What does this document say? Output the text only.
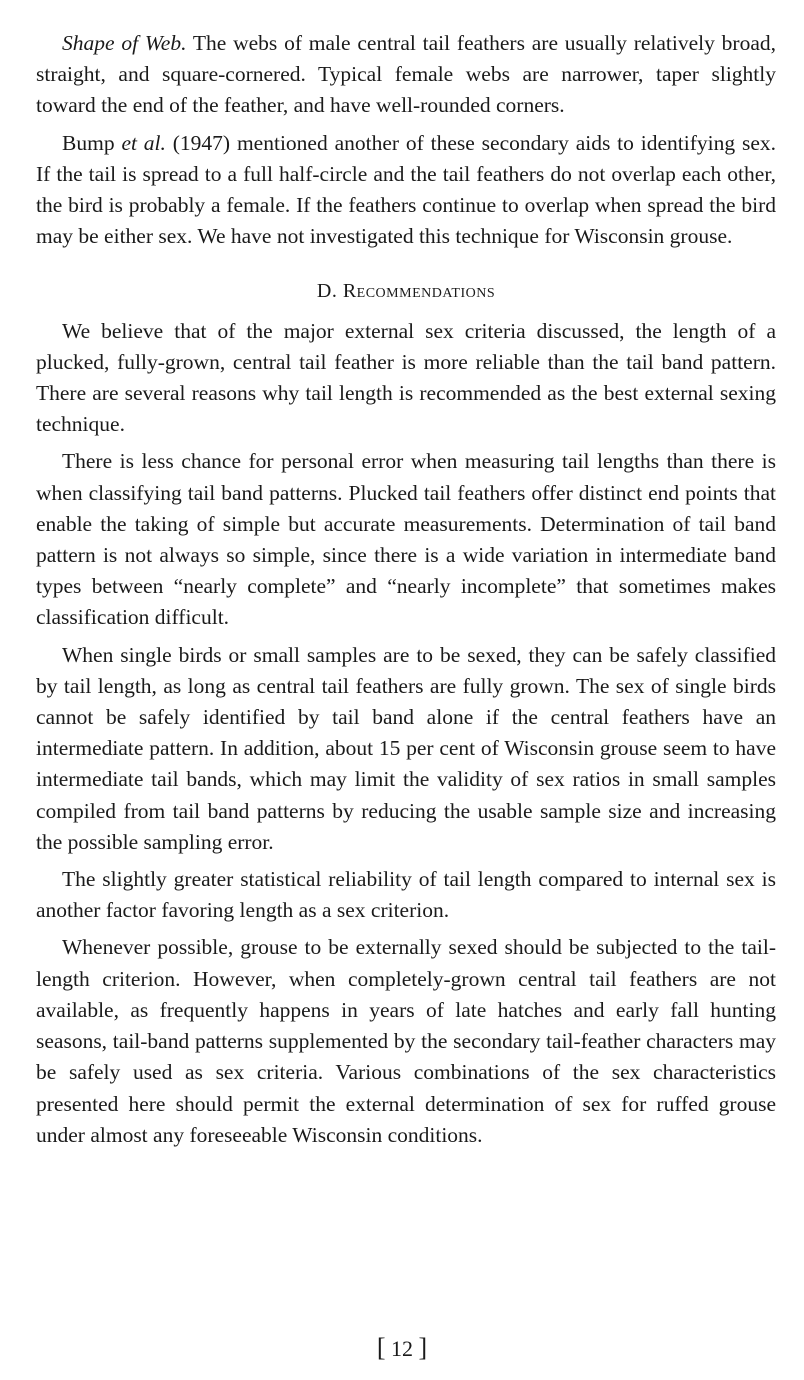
Shape of Web. The webs of male central tail feathers are usually relatively broad, straight, and square-cornered. Typical female webs are narrower, taper slightly toward the end of the feather, and have well-rounded corners.

Bump et al. (1947) mentioned another of these secondary aids to identifying sex. If the tail is spread to a full half-circle and the tail feathers do not overlap each other, the bird is probably a female. If the feathers continue to overlap when spread the bird may be either sex. We have not investigated this technique for Wisconsin grouse.

D. Recommendations

We believe that of the major external sex criteria discussed, the length of a plucked, fully-grown, central tail feather is more reliable than the tail band pattern. There are several reasons why tail length is recommended as the best external sexing technique.

There is less chance for personal error when measuring tail lengths than there is when classifying tail band patterns. Plucked tail feathers offer distinct end points that enable the taking of simple but accurate measurements. Determination of tail band pattern is not always so simple, since there is a wide variation in intermediate band types between “nearly complete” and “nearly incomplete” that sometimes makes classification difficult.

When single birds or small samples are to be sexed, they can be safely classified by tail length, as long as central tail feathers are fully grown. The sex of single birds cannot be safely identified by tail band alone if the central feathers have an intermediate pattern. In addition, about 15 per cent of Wisconsin grouse seem to have intermediate tail bands, which may limit the validity of sex ratios in small samples compiled from tail band patterns by reducing the usable sample size and increasing the possible sampling error.

The slightly greater statistical reliability of tail length compared to internal sex is another factor favoring length as a sex criterion.

Whenever possible, grouse to be externally sexed should be subjected to the tail-length criterion. However, when completely-grown central tail feathers are not available, as frequently happens in years of late hatches and early fall hunting seasons, tail-band patterns supplemented by the secondary tail-feather characters may be safely used as sex criteria. Various combinations of the sex characteristics presented here should permit the external determination of sex for ruffed grouse under almost any foreseeable Wisconsin conditions.

[ 12 ]
